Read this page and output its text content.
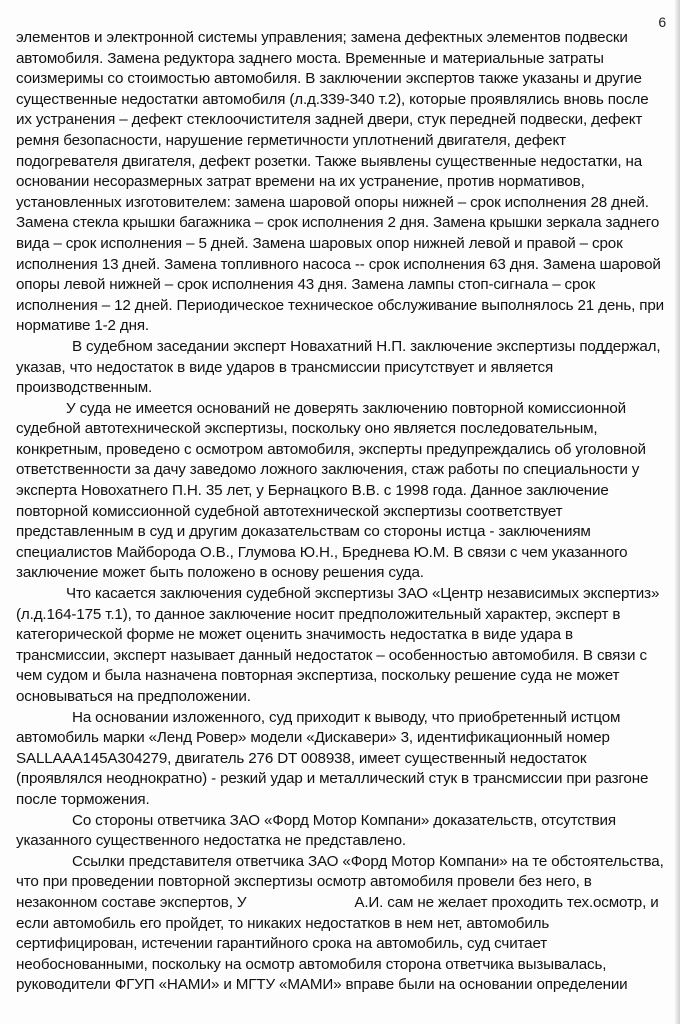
6

элементов и электронной системы управления; замена дефектных элементов подвески автомобиля. Замена редуктора заднего моста. Временные и материальные затраты соизмеримы со стоимостью автомобиля. В заключении экспертов также указаны и другие существенные недостатки автомобиля (л.д.339-340 т.2), которые проявлялись вновь после их устранения – дефект стеклоочистителя задней двери, стук передней подвески, дефект ремня безопасности, нарушение герметичности уплотнений двигателя, дефект подогревателя двигателя, дефект розетки. Также выявлены существенные недостатки, на основании несоразмерных затрат времени на их устранение, против нормативов, установленных изготовителем: замена шаровой опоры нижней – срок исполнения 28 дней. Замена стекла крышки багажника – срок исполнения 2 дня. Замена крышки зеркала заднего вида – срок исполнения – 5 дней. Замена шаровых опор нижней левой и правой – срок исполнения 13 дней. Замена топливного насоса -- срок исполнения 63 дня. Замена шаровой опоры левой нижней – срок исполнения 43 дня. Замена лампы стоп-сигнала – срок исполнения – 12 дней. Периодическое техническое обслуживание выполнялось 21 день, при нормативе 1-2 дня.

В судебном заседании эксперт Новахатний Н.П. заключение экспертизы поддержал, указав, что недостаток в виде ударов в трансмиссии присутствует и является производственным.

У суда не имеется оснований не доверять заключению повторной комиссионной судебной автотехнической экспертизы, поскольку оно является последовательным, конкретным, проведено с осмотром автомобиля, эксперты предупреждались об уголовной ответственности за дачу заведомо ложного заключения, стаж работы по специальности у эксперта Новохатнего П.Н. 35 лет, у Бернацкого В.В. с 1998 года. Данное заключение повторной комиссионной судебной автотехнической экспертизы соответствует представленным в суд и другим доказательствам со стороны истца - заключениям специалистов Майборода О.В., Глумова Ю.Н., Бреднева Ю.М. В связи с чем указанного заключение может быть положено в основу решения суда.

Что касается заключения судебной экспертизы ЗАО «Центр независимых экспертиз» (л.д.164-175 т.1), то данное заключение носит предположительный характер, эксперт в категорической форме не может оценить значимость недостатка в виде удара в трансмиссии, эксперт называет данный недостаток – особенностью автомобиля. В связи с чем судом и была назначена повторная экспертиза, поскольку решение суда не может основываться на предположении.

На основании изложенного, суд приходит к выводу, что приобретенный истцом автомобиль марки «Ленд Ровер» модели «Дискавери» 3, идентификационный номер SALLAAA145A304279, двигатель 276 DT 008938, имеет существенный недостаток (проявлялся неоднократно) - резкий удар и металлический стук в трансмиссии при разгоне после торможения.

Со стороны ответчика ЗАО «Форд Мотор Компани» доказательств, отсутствия указанного существенного недостатка не представлено.

Ссылки представителя ответчика ЗАО «Форд Мотор Компани» на те обстоятельства, что при проведении повторной экспертизы осмотр автомобиля провели без него, в незаконном составе экспертов, У	А.И. сам не желает проходить тех.осмотр, и если автомобиль его пройдет, то никаких недостатков в нем нет, автомобиль сертифицирован, истечении гарантийного срока на автомобиль, суд считает необоснованными, поскольку на осмотр автомобиля сторона ответчика вызывалась, руководители ФГУП «НАМИ» и МГТУ «МАМИ» вправе были на основании определении
